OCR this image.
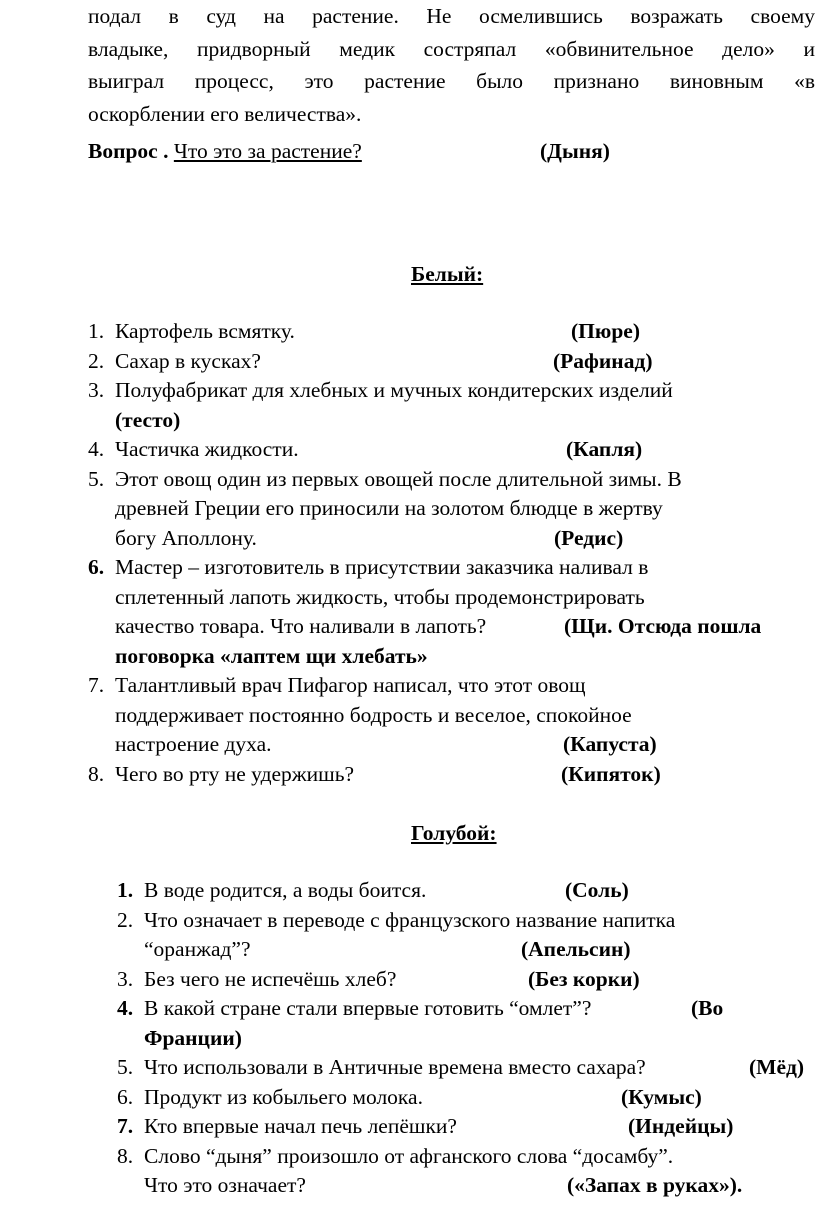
подал в суд на растение. Не осмелившись возражать своему
владыке, придворный медик состряпал «обвинительное дело» и
выиграл процесс, это растение было признано виновным «в
оскорблении его величества».
Вопрос . Что это за растение?	(Дыня)
Белый:
1. Картофель всмятку.	(Пюре)
2. Сахар в кусках?	(Рафинад)
3. Полуфабрикат для хлебных и мучных кондитерских изделий
(тесто)
4. Частичка жидкости.	(Капля)
5. Этот овощ один из первых овощей после длительной зимы. В
древней Греции его приносили на золотом блюдце в жертву
богу Аполлону.	(Редис)
6. Мастер – изготовитель в присутствии заказчика наливал в
сплетенный лапоть жидкость, чтобы продемонстрировать
качество товара. Что наливали в лапоть?	(Щи. Отсюда пошла
поговорка «лаптем щи хлебать»
7. Талантливый врач Пифагор написал, что этот овощ
поддерживает постоянно бодрость и веселое, спокойное
настроение духа.	(Капуста)
8. Чего во рту не удержишь?	(Кипяток)
Голубой:
1. В воде родится, а воды боится.	(Соль)
2. Что означает в переводе с французского название напитка
“оранжад”?	(Апельсин)
3. Без чего не испечёшь хлеб?	(Без корки)
4. В какой стране стали впервые готовить “омлет”?	(Во
Франции)
5. Что использовали в Античные времена вместо сахара?	(Мёд)
6. Продукт из кобыльего молока.	(Кумыс)
7. Кто впервые начал печь лепёшки?	(Индейцы)
8. Слово “дыня” произошло от афганского слова “досамбу”.
Что это означает?	(«Запах в руках»).
